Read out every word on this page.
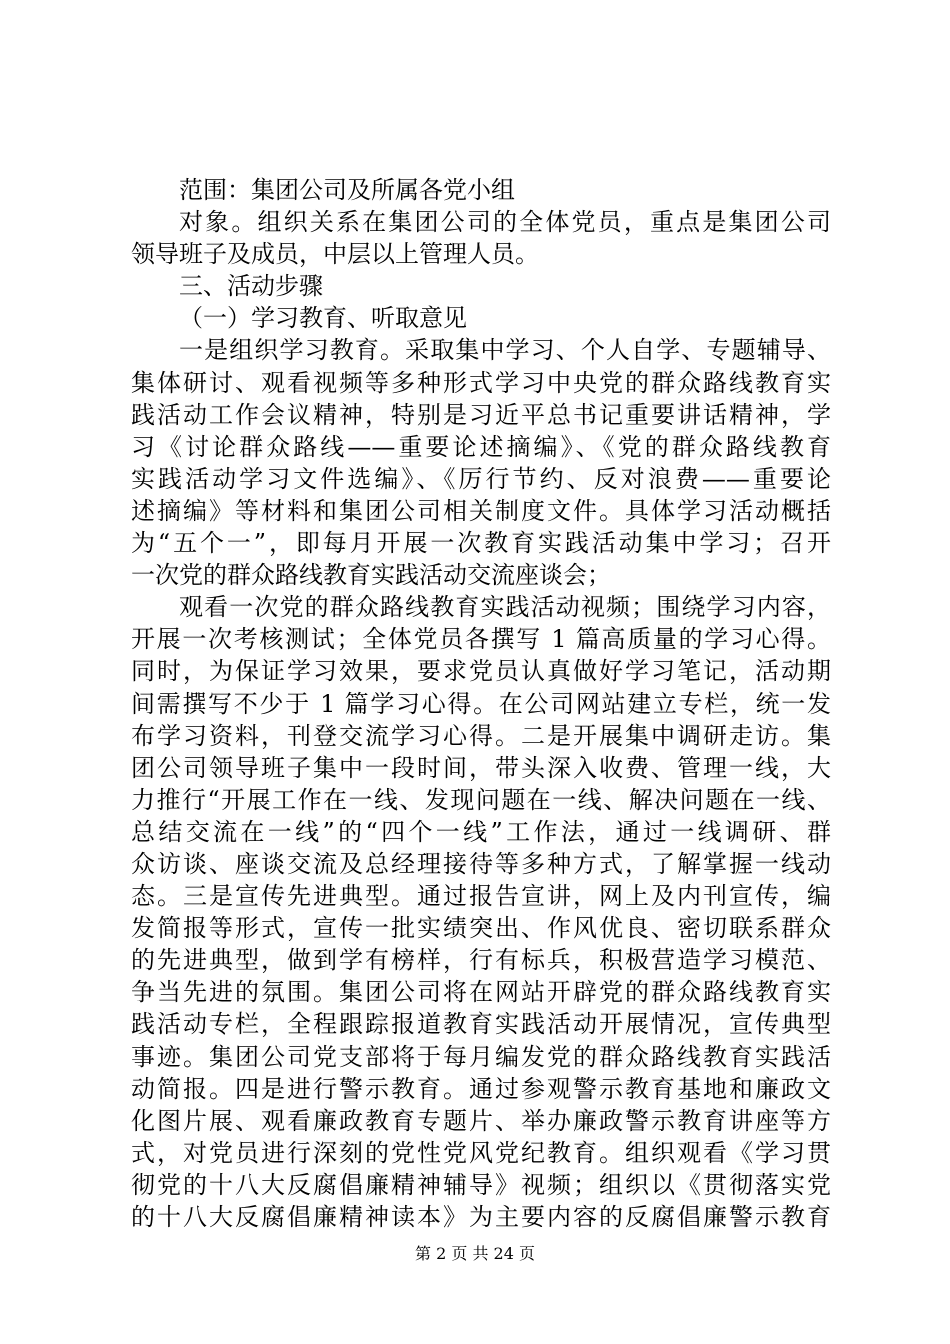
范围：集团公司及所属各党小组
对象。组织关系在集团公司的全体党员，重点是集团公司
领导班子及成员，中层以上管理人员。
三、活动步骤
（一）学习教育、听取意见
一是组织学习教育。采取集中学习、个人自学、专题辅导、
集体研讨、观看视频等多种形式学习中央党的群众路线教育实
践活动工作会议精神，特别是习近平总书记重要讲话精神，学
习《讨论群众路线——重要论述摘编》、《党的群众路线教育
实践活动学习文件选编》、《厉行节约、反对浪费——重要论
述摘编》等材料和集团公司相关制度文件。具体学习活动概括
为“五个一”，即每月开展一次教育实践活动集中学习；召开
一次党的群众路线教育实践活动交流座谈会；
观看一次党的群众路线教育实践活动视频；围绕学习内容，
开展一次考核测试；全体党员各撰写 1 篇高质量的学习心得。
同时，为保证学习效果，要求党员认真做好学习笔记，活动期
间需撰写不少于 1 篇学习心得。在公司网站建立专栏，统一发
布学习资料，刊登交流学习心得。二是开展集中调研走访。集
团公司领导班子集中一段时间，带头深入收费、管理一线，大
力推行“开展工作在一线、发现问题在一线、解决问题在一线、
总结交流在一线”的“四个一线”工作法，通过一线调研、群
众访谈、座谈交流及总经理接待等多种方式，了解掌握一线动
态。三是宣传先进典型。通过报告宣讲，网上及内刊宣传，编
发简报等形式，宣传一批实绩突出、作风优良、密切联系群众
的先进典型，做到学有榜样，行有标兵，积极营造学习模范、
争当先进的氛围。集团公司将在网站开辟党的群众路线教育实
践活动专栏，全程跟踪报道教育实践活动开展情况，宣传典型
事迹。集团公司党支部将于每月编发党的群众路线教育实践活
动简报。四是进行警示教育。通过参观警示教育基地和廉政文
化图片展、观看廉政教育专题片、举办廉政警示教育讲座等方
式，对党员进行深刻的党性党风党纪教育。组织观看《学习贯
彻党的十八大反腐倡廉精神辅导》视频；组织以《贯彻落实党
的十八大反腐倡廉精神读本》为主要内容的反腐倡廉警示教育
第 2 页 共 24 页
